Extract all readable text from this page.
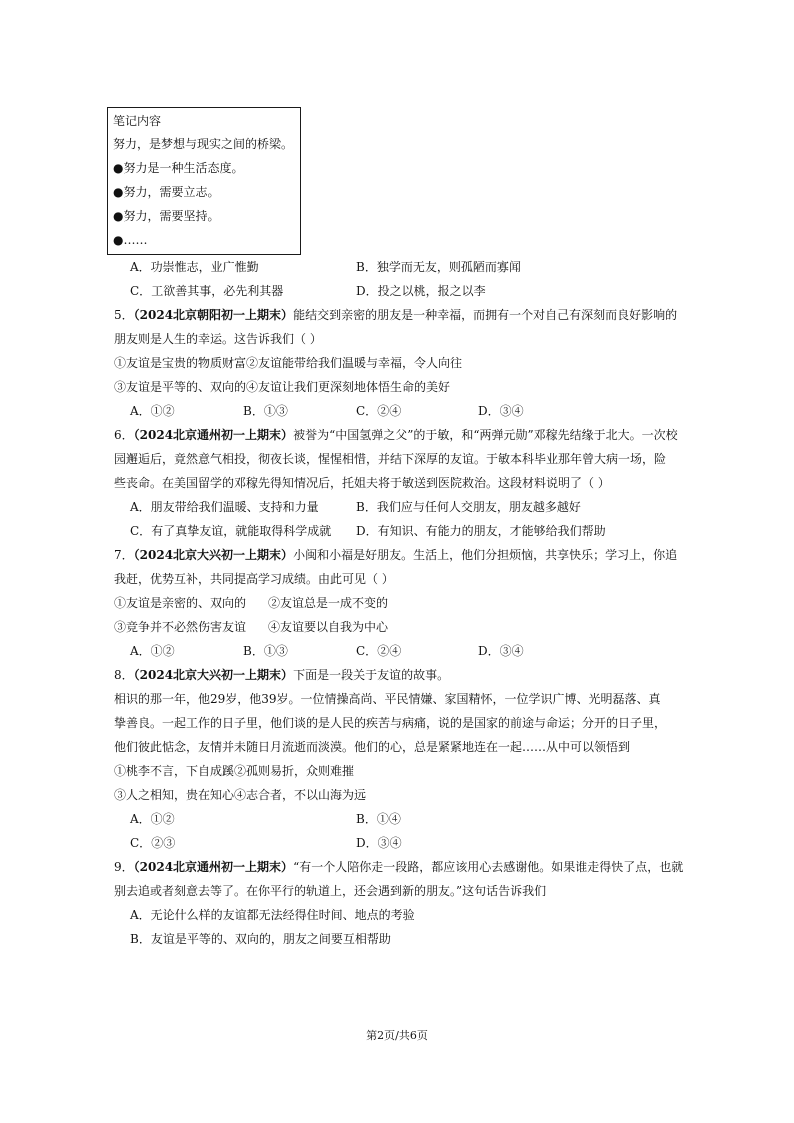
笔记内容
努力，是梦想与现实之间的桥梁。
●努力是一种生活态度。
●努力，需要立志。
●努力，需要坚持。
●……
A．功崇惟志，业广惟勤	B．独学而无友，则孤陋而寡闻
C．工欲善其事，必先利其器	D．投之以桃，报之以李
5．（2024北京朝阳初一上期末）能结交到亲密的朋友是一种幸福，而拥有一个对自己有深刻而良好影响的
朋友则是人生的幸运。这告诉我们（ ）
①友谊是宝贵的物质财富②友谊能带给我们温暖与幸福，令人向往
③友谊是平等的、双向的④友谊让我们更深刻地体悟生命的美好
A．①②	B．①③	C．②④	D．③④
6．（2024北京通州初一上期末）被誉为“中国氢弹之父”的于敏，和“两弹元勋”邓稼先结缘于北大。一次校
园邂逅后，竟然意气相投，彻夜长谈，惺惺相惜，并结下深厚的友谊。于敏本科毕业那年曾大病一场，险
些丧命。在美国留学的邓稼先得知情况后，托姐夫将于敏送到医院救治。这段材料说明了（ ）
A．朋友带给我们温暖、支持和力量	B．我们应与任何人交朋友，朋友越多越好
C．有了真挚友谊，就能取得科学成就 D．有知识、有能力的朋友，才能够给我们帮助
7．（2024北京大兴初一上期末）小闽和小福是好朋友。生活上，他们分担烦恼，共享快乐；学习上，你追
我赶，优势互补，共同提高学习成绩。由此可见（ ）
①友谊是亲密的、双向的 ②友谊总是一成不变的
③竞争并不必然伤害友谊 ④友谊要以自我为中心
A．①②	B．①③	C．②④	D．③④
8．（2024北京大兴初一上期末）下面是一段关于友谊的故事。
相识的那一年，他29岁，他39岁。一位情操高尚、平民情嫌、家国精怀，一位学识广博、光明磊落、真
挚善良。一起工作的日子里，他们谈的是人民的疾苦与病痛，说的是国家的前途与命运；分开的日子里，
他们彼此惦念，友情并未随日月流逝而淡漠。他们的心，总是紧紧地连在一起……从中可以领悟到
①桃李不言，下自成蹊②孤则易折，众则难摧
③人之相知，贵在知心④志合者，不以山海为远
A．①②	B．①④
C．②③	D．③④
9．（2024北京通州初一上期末）“有一个人陪你走一段路，都应该用心去感谢他。如果谁走得快了点，也就
别去追或者刻意去等了。在你平行的轨道上，还会遇到新的朋友。”这句话告诉我们
A．无论什么样的友谊都无法经得住时间、地点的考验
B．友谊是平等的、双向的，朋友之间要互相帮助
第2页/共6页
